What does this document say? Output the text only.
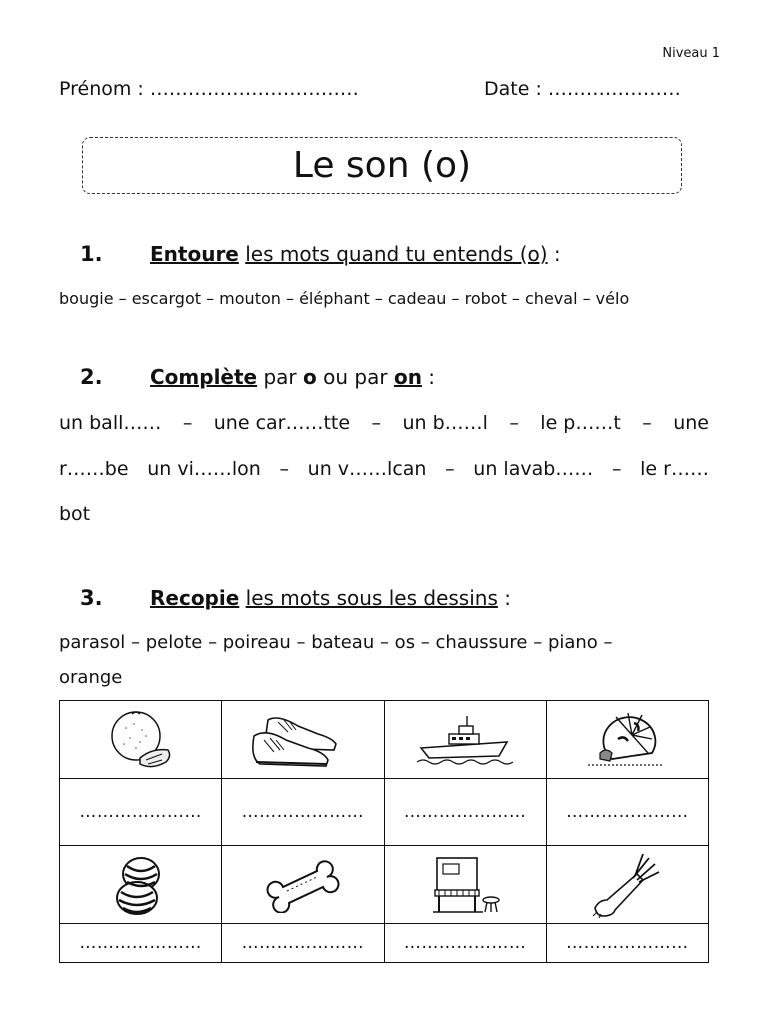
Niveau 1
Prénom : ……………………………	Date : …………………
Le son (o)
1. Entoure les mots quand tu entends (o) :
bougie – escargot – mouton – éléphant – cadeau – robot – cheval – vélo
2. Complète par o ou par on :
un ball…… – une car……tte – un b……l – le p……t – une
r……be un vi……lon – un v……lcan – un lavab…… – le r……
bot
3. Recopie les mots sous les dessins :
parasol – pelote – poireau – bateau – os – chaussure – piano –
orange

…………………	…………………	…………………	…………………

…………………	…………………	…………………	…………………
